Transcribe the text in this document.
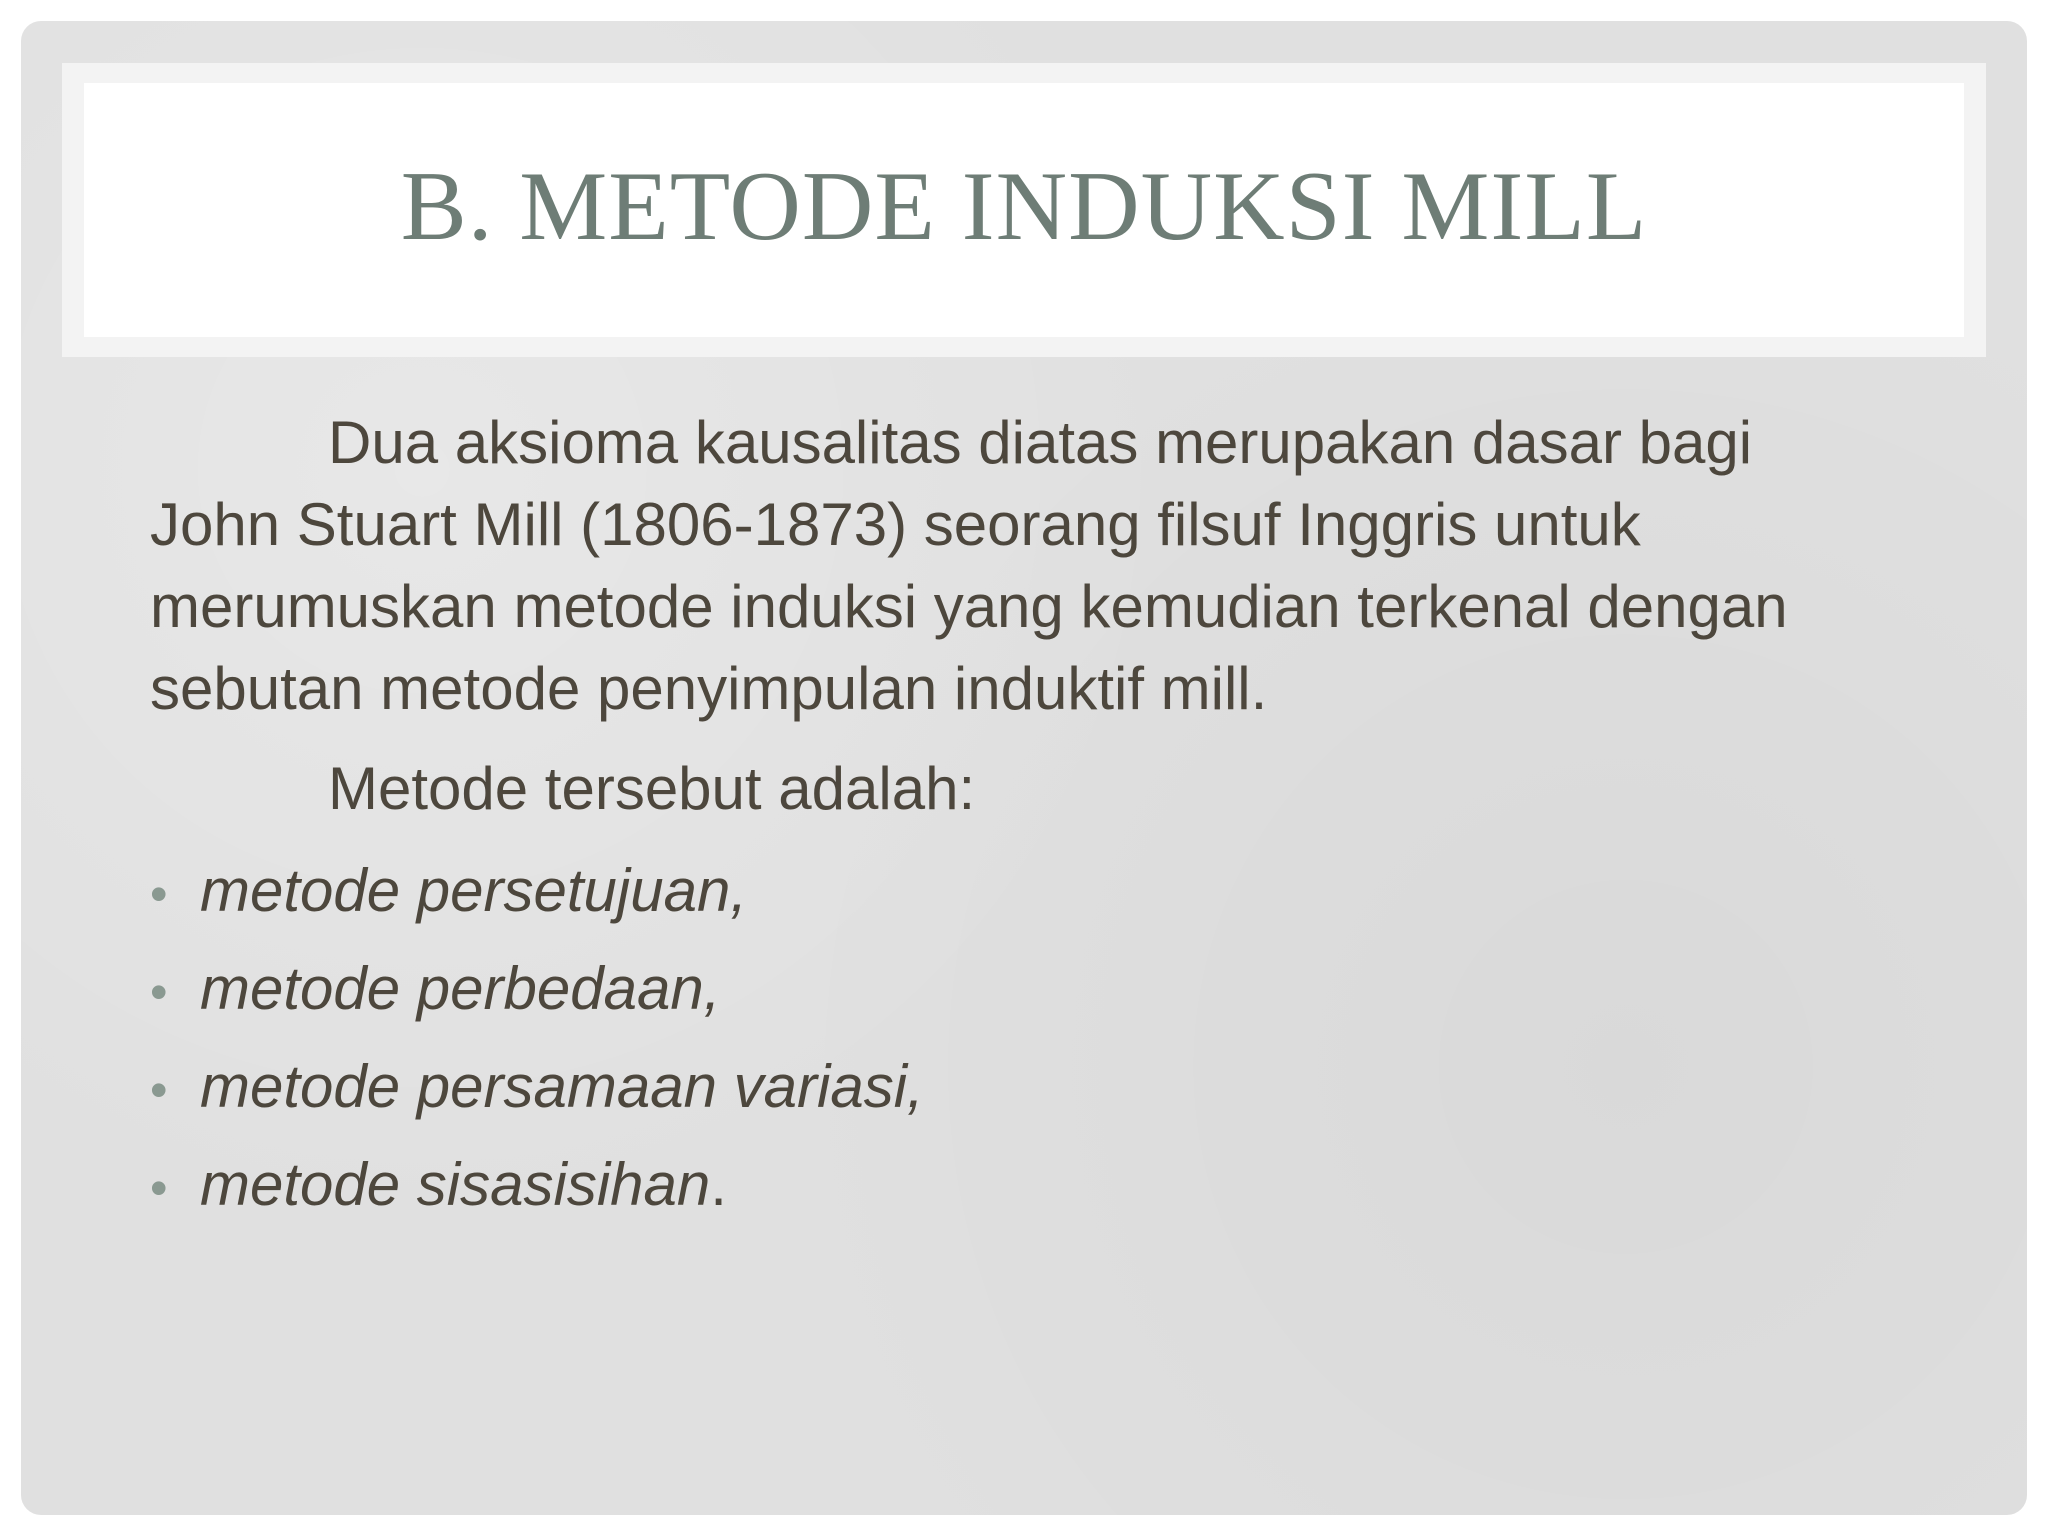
B. METODE INDUKSI MILL

Dua aksioma kausalitas diatas merupakan dasar bagi John Stuart Mill (1806-1873) seorang filsuf Inggris untuk merumuskan metode induksi yang kemudian terkenal dengan sebutan metode penyimpulan induktif mill.

Metode tersebut adalah:

• metode persetujuan,
• metode perbedaan,
• metode persamaan variasi,
• metode sisasisihan .
